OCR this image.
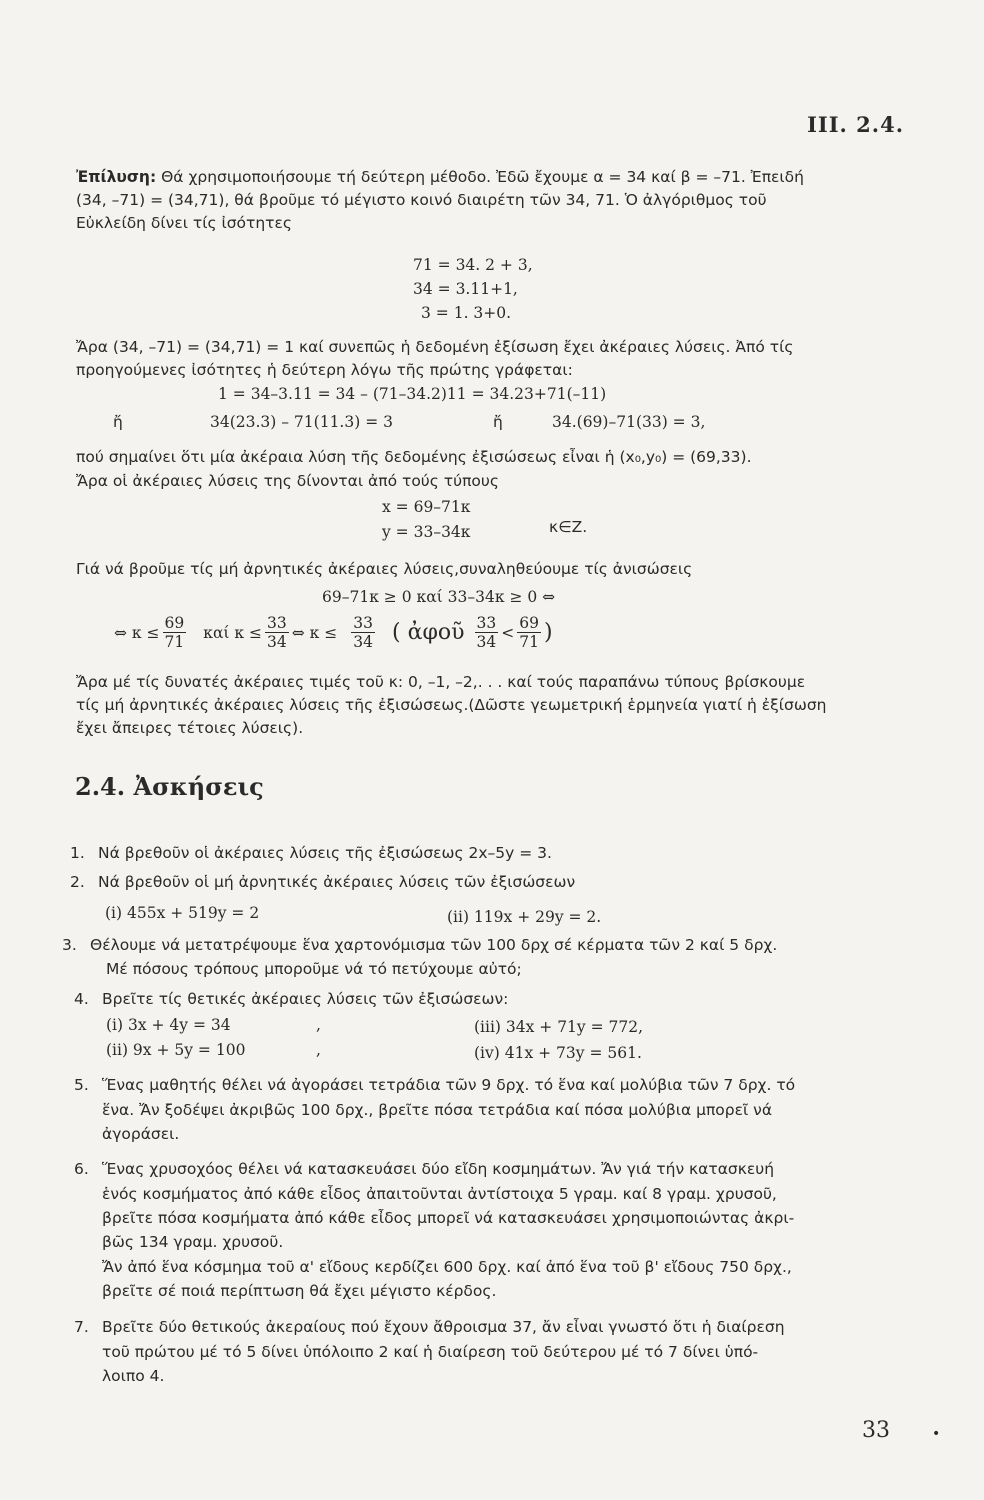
III. 2.4.
Ἐπίλυση: Θά χρησιμοποιήσουμε τή δεύτερη μέθοδο. Ἐδῶ ἔχουμε α = 34 καί β = –71. Ἐπειδή
(34, –71) = (34,71), θά βροῦμε τό μέγιστο κοινό διαιρέτη τῶν 34, 71. Ὁ ἀλγόριθμος τοῦ
Εὐκλείδη δίνει τίς ἰσότητες
71 = 34. 2 + 3,
34 = 3.11+1,
3 = 1. 3+0.
Ἄρα (34, –71) = (34,71) = 1 καί συνεπῶς ἡ δεδομένη ἐξίσωση ἔχει ἀκέραιες λύσεις. Ἀπό τίς
προηγούμενες ἰσότητες ἡ δεύτερη λόγω τῆς πρώτης γράφεται:
1 = 34–3.11 = 34 – (71–34.2)11 = 34.23+71(–11)
ἤ	34(23.3) – 71(11.3) = 3	ἤ	34.(69)–71(33) = 3,
πού σημαίνει ὅτι μία ἀκέραια λύση τῆς δεδομένης ἐξισώσεως εἶναι ἡ (x₀,y₀) = (69,33).
Ἄρα οἱ ἀκέραιες λύσεις της δίνονται ἀπό τούς τύπους
x = 69–71κ
y = 33–34κ	κ∈Z.
Γιά νά βροῦμε τίς μή ἀρνητικές ἀκέραιες λύσεις,συναληθεύουμε τίς ἀνισώσεις
69–71κ ≥ 0 καί 33–34κ ≥ 0 ⇔
⇔ $\kappa \le \frac{69}{71}$ καί $\kappa \le \frac{33}{34}$ ⇔ $\kappa \le \frac{33}{34}$ ( ἀφοῦ $\frac{33}{34} < \frac{69}{71}$ )
Ἄρα μέ τίς δυνατές ἀκέραιες τιμές τοῦ κ: 0, –1, –2,. . . καί τούς παραπάνω τύπους βρίσκουμε
τίς μή ἀρνητικές ἀκέραιες λύσεις τῆς ἐξισώσεως.(Δῶστε γεωμετρική ἑρμηνεία γιατί ἡ ἐξίσωση
ἔχει ἄπειρες τέτοιες λύσεις).
2.4. Ἀσκήσεις
1. Νά βρεθοῦν οἱ ἀκέραιες λύσεις τῆς ἐξισώσεως 2x–5y = 3.
2. Νά βρεθοῦν οἱ μή ἀρνητικές ἀκέραιες λύσεις τῶν ἐξισώσεων
(i) 455x + 519y = 2	(ii) 119x + 29y = 2.
3. Θέλουμε νά μετατρέψουμε ἕνα χαρτονόμισμα τῶν 100 δρχ σέ κέρματα τῶν 2 καί 5 δρχ.
Μέ πόσους τρόπους μποροῦμε νά τό πετύχουμε αὐτό;
4. Βρεῖτε τίς θετικές ἀκέραιες λύσεις τῶν ἐξισώσεων:
(i) 3x + 4y = 34	,	(iii) 34x + 71y = 772,
(ii) 9x + 5y = 100	,	(iv) 41x + 73y = 561.
5. Ἕνας μαθητής θέλει νά ἀγοράσει τετράδια τῶν 9 δρχ. τό ἕνα καί μολύβια τῶν 7 δρχ. τό
ἕνα. Ἄν ξοδέψει ἀκριβῶς 100 δρχ., βρεῖτε πόσα τετράδια καί πόσα μολύβια μπορεῖ νά
ἀγοράσει.
6. Ἕνας χρυσοχόος θέλει νά κατασκευάσει δύο εἴδη κοσμημάτων. Ἄν γιά τήν κατασκευή
ἑνός κοσμήματος ἀπό κάθε εἶδος ἀπαιτοῦνται ἀντίστοιχα 5 γραμ. καί 8 γραμ. χρυσοῦ,
βρεῖτε πόσα κοσμήματα ἀπό κάθε εἶδος μπορεῖ νά κατασκευάσει χρησιμοποιώντας ἀκρι-
βῶς 134 γραμ. χρυσοῦ.
Ἄν ἀπό ἕνα κόσμημα τοῦ α' εἴδους κερδίζει 600 δρχ. καί ἀπό ἕνα τοῦ β' εἴδους 750 δρχ.,
βρεῖτε σέ ποιά περίπτωση θά ἔχει μέγιστο κέρδος.
7. Βρεῖτε δύο θετικούς ἀκεραίους πού ἔχουν ἄθροισμα 37, ἄν εἶναι γνωστό ὅτι ἡ διαίρεση
τοῦ πρώτου μέ τό 5 δίνει ὑπόλοιπο 2 καί ἡ διαίρεση τοῦ δεύτερου μέ τό 7 δίνει ὑπό-
λοιπο 4.
33	•
